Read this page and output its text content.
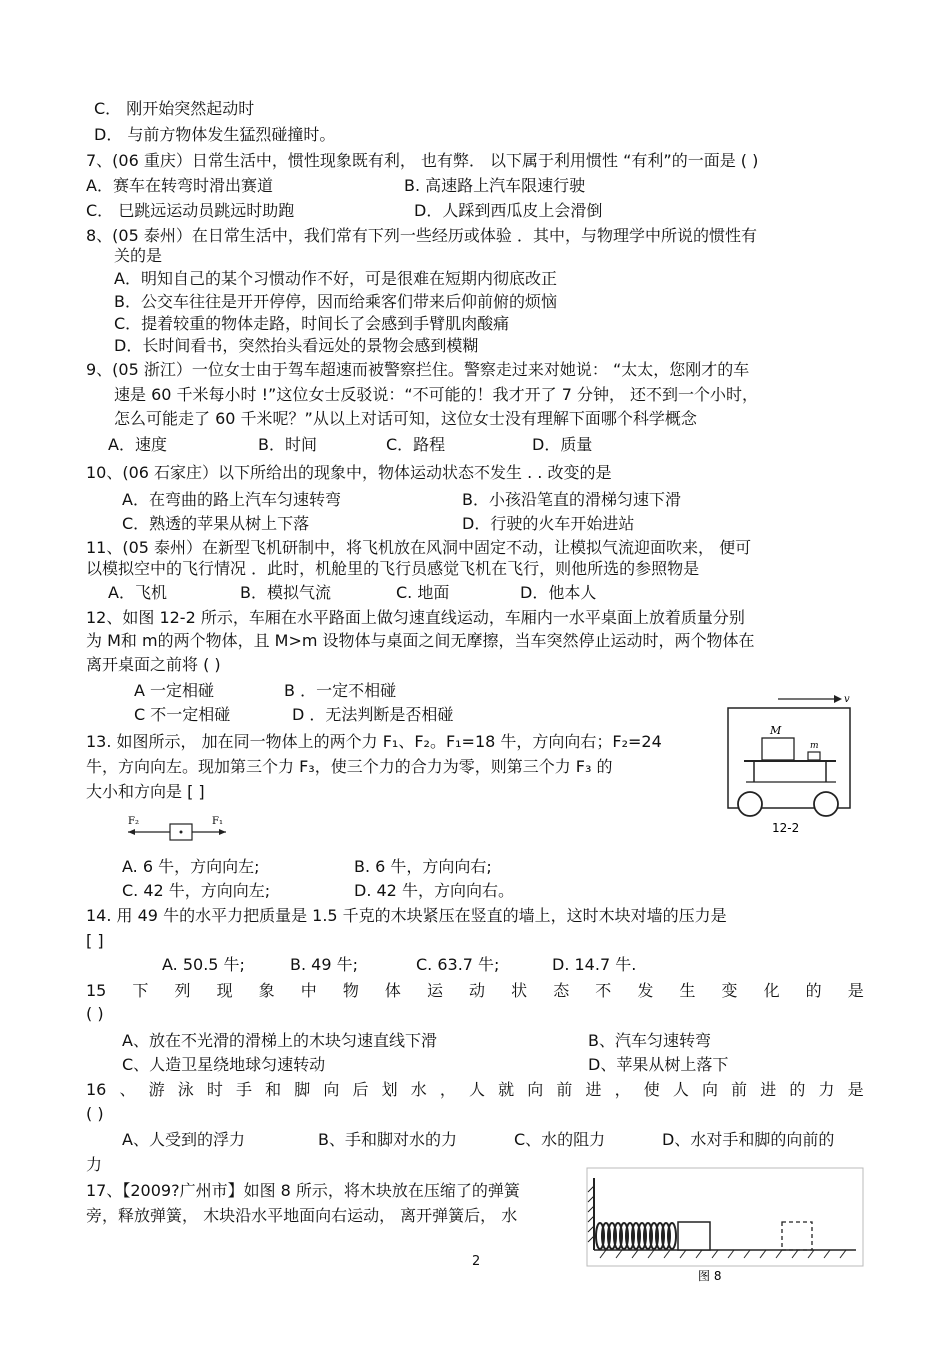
C． 刚开始突然起动时
D． 与前方物体发生猛烈碰撞时。
7、(06 重庆）日常生活中，惯性现象既有利， 也有弊． 以下属于利用惯性 “有利”的一面是 ( )
A．赛车在转弯时滑出赛道	B. 高速路上汽车限速行驶
C． 巳跳远运动员跳远时助跑	D．人踩到西瓜皮上会滑倒
8、(05 泰州）在日常生活中，我们常有下列一些经历或体验 ．其中，与物理学中所说的惯性有
关的是
A．明知自己的某个习惯动作不好，可是很难在短期内彻底改正
B．公交车往往是开开停停，因而给乘客们带来后仰前俯的烦恼
C．提着较重的物体走路，时间长了会感到手臂肌肉酸痛
D．长时间看书，突然抬头看远处的景物会感到模糊
9、(05 浙江）一位女士由于驾车超速而被警察拦住。警察走过来对她说： “太太，您刚才的车
速是 60 千米每小时 !”这位女士反驳说：“不可能的！我才开了 7 分钟， 还不到一个小时，
怎么可能走了 60 千米呢？”从以上对话可知，这位女士没有理解下面哪个科学概念
A．速度	B．时间	C．路程	D．质量
10、(06 石家庄）以下所给出的现象中，物体运动状态不发生 . . 改变的是
A．在弯曲的路上汽车匀速转弯	B．小孩沿笔直的滑梯匀速下滑
C．熟透的苹果从树上下落	D．行驶的火车开始进站
11、(05 泰州）在新型飞机研制中，将飞机放在风洞中固定不动，让模拟气流迎面吹来， 便可
以模拟空中的飞行情况 ．此时，机舱里的飞行员感觉飞机在飞行，则他所选的参照物是
A．飞机	B．模拟气流	C. 地面	D．他本人
12、如图 12-2 所示，车厢在水平路面上做匀速直线运动，车厢内一水平桌面上放着质量分别
为 M和 m的两个物体，且 M>m 设物体与桌面之间无摩擦，当车突然停止运动时，两个物体在
离开桌面之前将 ( )
A 一定相碰	B ．一定不相碰
C 不一定相碰	D ．无法判断是否相碰
v
M
m
12-2
13. 如图所示， 加在同一物体上的两个力 F₁、F₂。F₁=18 牛，方向向右；F₂=24
牛，方向向左。现加第三个力 F₃，使三个力的合力为零，则第三个力 F₃ 的
大小和方向是 [ ]
F₂	F₁
A. 6 牛，方向向左;	B. 6 牛，方向向右;
C. 42 牛，方向向左;	D. 42 牛，方向向右。
14. 用 49 牛的水平力把质量是 1.5 千克的木块紧压在竖直的墙上，这时木块对墙的压力是
[ ]
A. 50.5 牛;	B. 49 牛;	C. 63.7 牛;	D. 14.7 牛.
15 下 列 现 象 中 物 体 运 动 状 态 不 发 生 变 化 的 是
( )
A、放在不光滑的滑梯上的木块匀速直线下滑	B、汽车匀速转弯
C、人造卫星绕地球匀速转动	D、苹果从树上落下
16 、 游 泳 时 手 和 脚 向 后 划 水 ， 人 就 向 前 进 ， 使 人 向 前 进 的 力 是
( )
A、人受到的浮力	B、手和脚对水的力	C、水的阻力	D、水对手和脚的向前的
力
17、【2009?广州市】如图 8 所示，将木块放在压缩了的弹簧
旁，释放弹簧， 木块沿水平地面向右运动， 离开弹簧后， 水
图 8
2
